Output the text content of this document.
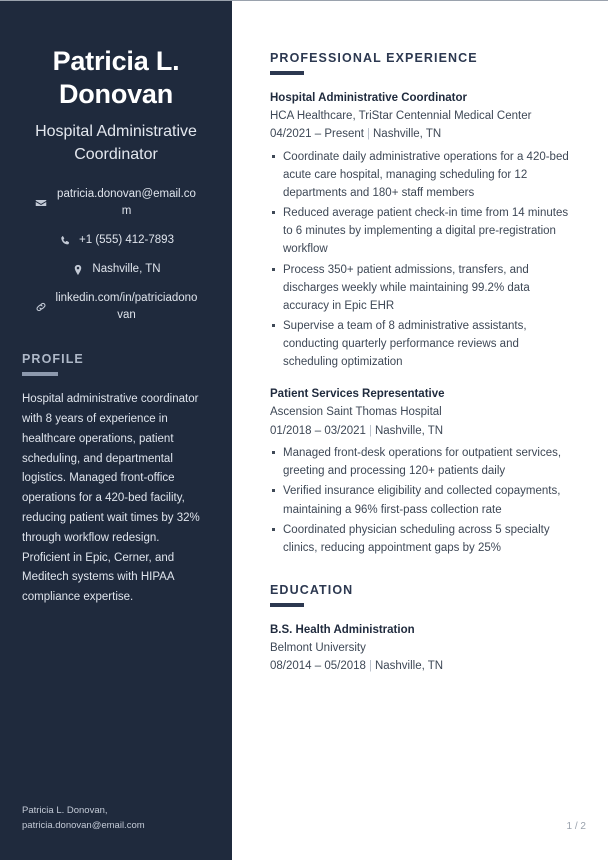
Patricia L. Donovan
Hospital Administrative Coordinator
patricia.donovan@email.com
+1 (555) 412-7893
Nashville, TN
linkedin.com/in/patriciadonovan
PROFILE
Hospital administrative coordinator with 8 years of experience in healthcare operations, patient scheduling, and departmental logistics. Managed front-office operations for a 420-bed facility, reducing patient wait times by 32% through workflow redesign. Proficient in Epic, Cerner, and Meditech systems with HIPAA compliance expertise.
Patricia L. Donovan, patricia.donovan@email.com
PROFESSIONAL EXPERIENCE
Hospital Administrative Coordinator
HCA Healthcare, TriStar Centennial Medical Center
04/2021 – Present | Nashville, TN
Coordinate daily administrative operations for a 420-bed acute care hospital, managing scheduling for 12 departments and 180+ staff members
Reduced average patient check-in time from 14 minutes to 6 minutes by implementing a digital pre-registration workflow
Process 350+ patient admissions, transfers, and discharges weekly while maintaining 99.2% data accuracy in Epic EHR
Supervise a team of 8 administrative assistants, conducting quarterly performance reviews and scheduling optimization
Patient Services Representative
Ascension Saint Thomas Hospital
01/2018 – 03/2021 | Nashville, TN
Managed front-desk operations for outpatient services, greeting and processing 120+ patients daily
Verified insurance eligibility and collected copayments, maintaining a 96% first-pass collection rate
Coordinated physician scheduling across 5 specialty clinics, reducing appointment gaps by 25%
EDUCATION
B.S. Health Administration
Belmont University
08/2014 – 05/2018 | Nashville, TN
1 / 2
